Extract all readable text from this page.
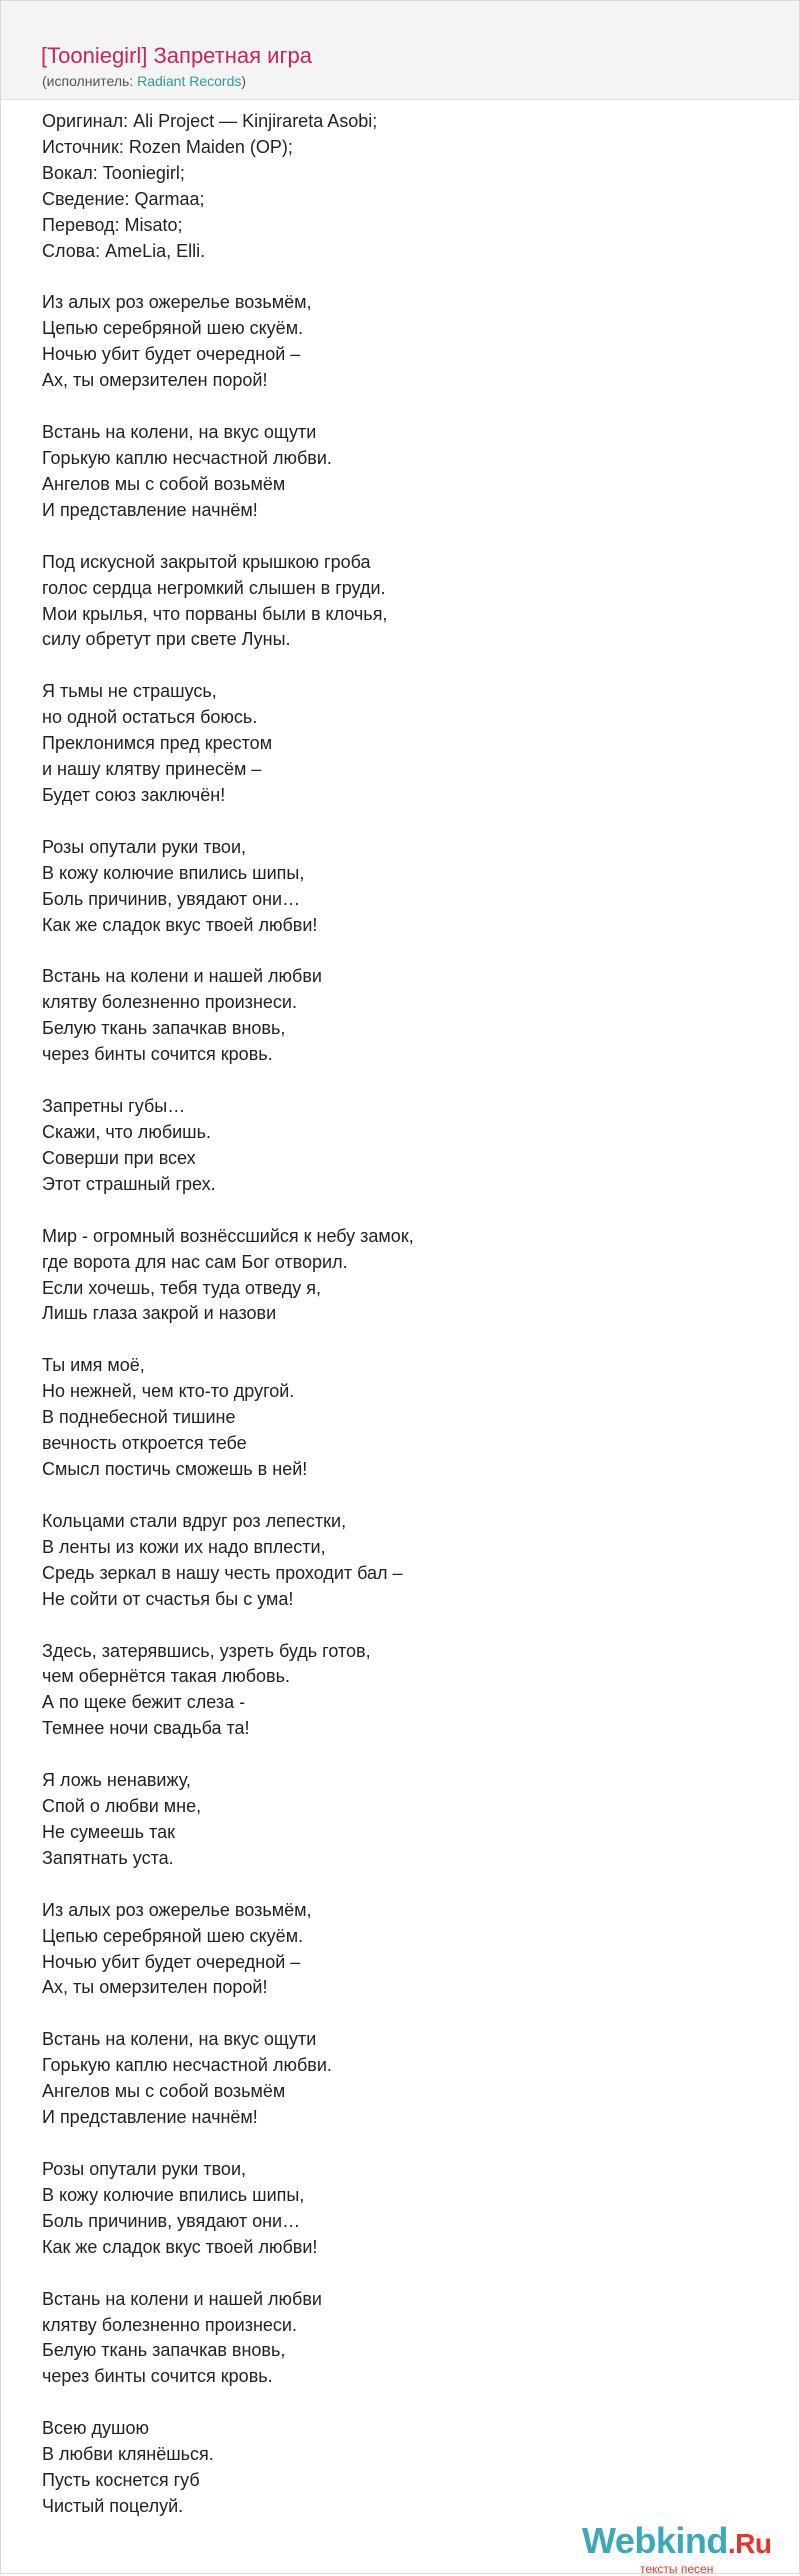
[Tooniegirl] Запретная игра
(исполнитель: Radiant Records)
Оригинал: Ali Project — Kinjirareta Asobi;
Источник: Rozen Maiden (OP);
Вокал: Tooniegirl;
Сведение: Qarmaa;
Перевод: Misato;
Слова: AmeLia, Elli.
Из алых роз ожерелье возьмём,
Цепью серебряной шею скуём.
Ночью убит будет очередной –
Ах, ты омерзителен порой!
Встань на колени, на вкус ощути
Горькую каплю несчастной любви.
Ангелов мы с собой возьмём
И представление начнём!
Под искусной закрытой крышкою гроба
голос сердца негромкий слышен в груди.
Мои крылья, что порваны были в клочья,
силу обретут при свете Луны.
Я тьмы не страшусь,
но одной остаться боюсь.
Преклонимся пред крестом
и нашу клятву принесём –
Будет союз заключён!
Розы опутали руки твои,
В кожу колючие впились шипы,
Боль причинив, увядают они…
Как же сладок вкус твоей любви!
Встань на колени и нашей любви
клятву болезненно произнеси.
Белую ткань запачкав вновь,
через бинты сочится кровь.
Запретны губы…
Скажи, что любишь.
Соверши при всех
Этот страшный грех.
Мир - огромный вознёссшийся к небу замок,
где ворота для нас сам Бог отворил.
Если хочешь, тебя туда отведу я,
Лишь глаза закрой и назови
Ты имя моё,
Но нежней, чем кто-то другой.
В поднебесной тишине
вечность откроется тебе
Смысл постичь сможешь в ней!
Кольцами стали вдруг роз лепестки,
В ленты из кожи их надо вплести,
Средь зеркал в нашу честь проходит бал –
Не сойти от счастья бы с ума!
Здесь, затерявшись, узреть будь готов,
чем обернётся такая любовь.
А по щеке бежит слеза -
Темнее ночи свадьба та!
Я ложь ненавижу,
Спой о любви мне,
Не сумеешь так
Запятнать уста.
Из алых роз ожерелье возьмём,
Цепью серебряной шею скуём.
Ночью убит будет очередной –
Ах, ты омерзителен порой!
Встань на колени, на вкус ощути
Горькую каплю несчастной любви.
Ангелов мы с собой возьмём
И представление начнём!
Розы опутали руки твои,
В кожу колючие впились шипы,
Боль причинив, увядают они…
Как же сладок вкус твоей любви!
Встань на колени и нашей любви
клятву болезненно произнеси.
Белую ткань запачкав вновь,
через бинты сочится кровь.
Всею душою
В любви клянёшься.
Пусть коснется губ
Чистый поцелуй.
Webkind.Ru
тексты песен
